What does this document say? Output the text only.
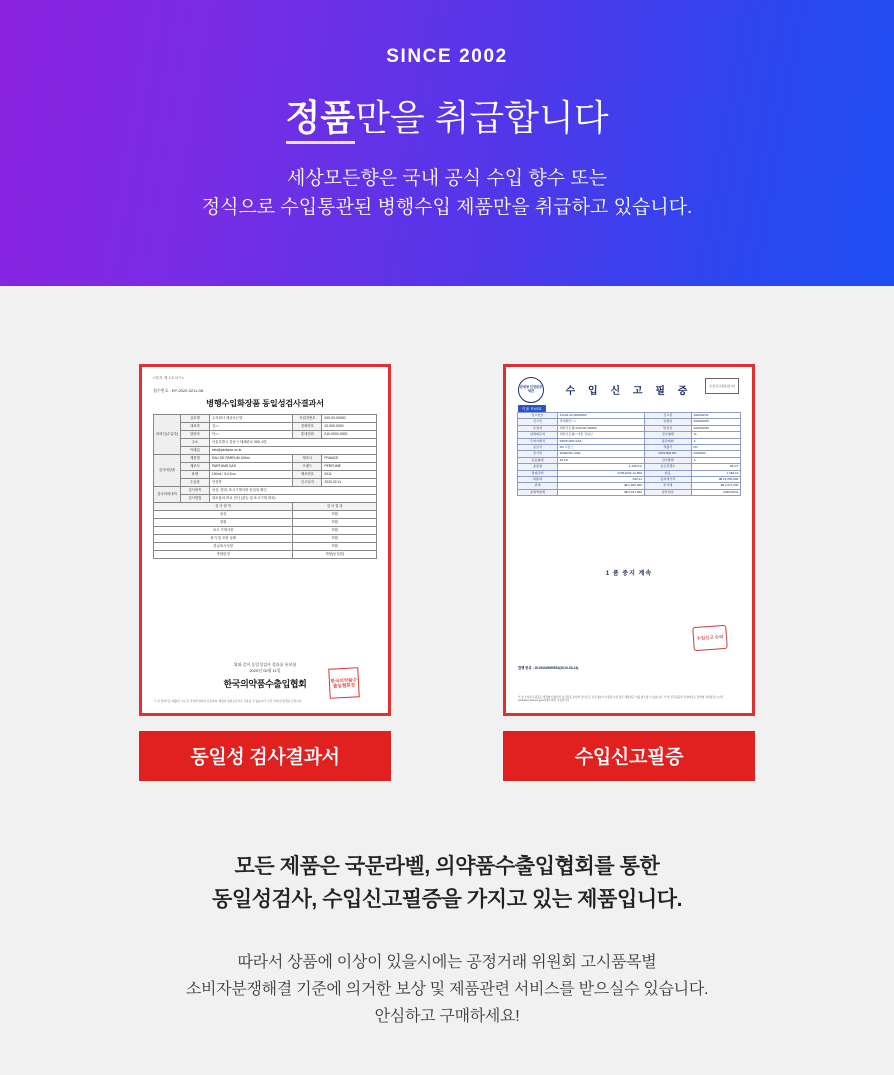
SINCE 2002

정품만을 취급합니다

세상모든향은 국내 공식 수입 향수 또는
정식으로 수입통관된 병행수입 제품만을 취급하고 있습니다.

<별지 제 1호서식>
접수번호 : KP-2020-0211-08
병행수입화장품 동일성검사결과서
의뢰인(수입자)	상호명	주식회사 세상모든향	사업자번호	000-00-00000
	대표자	김○○	전화번호	02-000-0000
	담당자	이○○	휴대전화	010-0000-0000
	주소	서울특별시 강남구 테헤란로 000, 0층		
	이메일	info@perfume.co.kr		
검사대상품	제품명	EAU DE PARFUM 100ml	제조국	FRANCE
	제조사	PARFUMS SAS	브랜드	PERFUME
	용량	100ml / 3.4 fl.oz	제조번호	0011
	수입항	인천항	신고일자	2020.02.11
검사의뢰내역	검사항목	성상, 향취, 표시기재사항 동일성 확인		
	검사방법	대조품과 비교 검사 (관능 및 표시기재 대조)		
검 사 항 목			검 사 결 과	
성상			적합	
향취			적합	
표시 기재사항			적합	
용기 및 포장 상태			적합	
한글표시사항			적합	
종합판정			적합(동일함)	
위와 같이 동일성검사 결과를 통보함
2020년 02월 11일
한국의약품수출입협회	한국의약품수출입협회장
※ 본 결과서는 제출된 시료 및 서류에 한하여 유효하며, 제품의 품질보증서로 사용될 수 없습니다. 무단 복제 및 변경을 금합니다.
동일성 검사결과서
관세청 인천본부세관	수 입 신 고 필 증
이폼 PASS
수입신고필증(갑지)
신고번호	41234-20-000000M	신고일	2020/02/11
신고인	관세법인 ○○	입항일	2020/02/05
수입자	세상모든향 (000-00-00000)	반입일	2020/02/09
납세의무자	세상모든향 / 서울 강남구	징수형태	11
무역거래처	PARFUMS SAS	통관계획	A
공급국	FR 프랑스	적출국	FR
선기명	MAERSK LINE	MASTER B/L	0000000
운송형태	10-FC	검사방법	A
총중량	1,235 KG	총포장갯수	85 CT
결제금액	FOB-EUR-12,500	환율	1,348.12
세관/과	040-11	총과세가격	₩ 18,250,000
관세	₩ 1,460,000	부가세	₩ 1,971,000
총세액합계	₩ 3,431,000	납부일자	2020/02/11
1 품 중지 계속
수입신고 수리
발행 번호 : 20194049M5532(2019-03-14)
※ 본 수입신고필증은 세관에서 형식적 요건만을 심사한 것이므로 신고내용이 사실과 다른 경우 세관장은 이를 취소할 수 있습니다. ※ 본 신고필증의 진위여부는 관세청 전자통관시스템(unipass.customs.go.kr)에서 확인 가능합니다.
수입신고필증

모든 제품은 국문라벨, 의약품수출입협회를 통한
동일성검사, 수입신고필증을 가지고 있는 제품입니다.

따라서 상품에 이상이 있을시에는 공정거래 위원회 고시품목별
소비자분쟁해결 기준에 의거한 보상 및 제품관련 서비스를 받으실수 있습니다.
안심하고 구매하세요!
